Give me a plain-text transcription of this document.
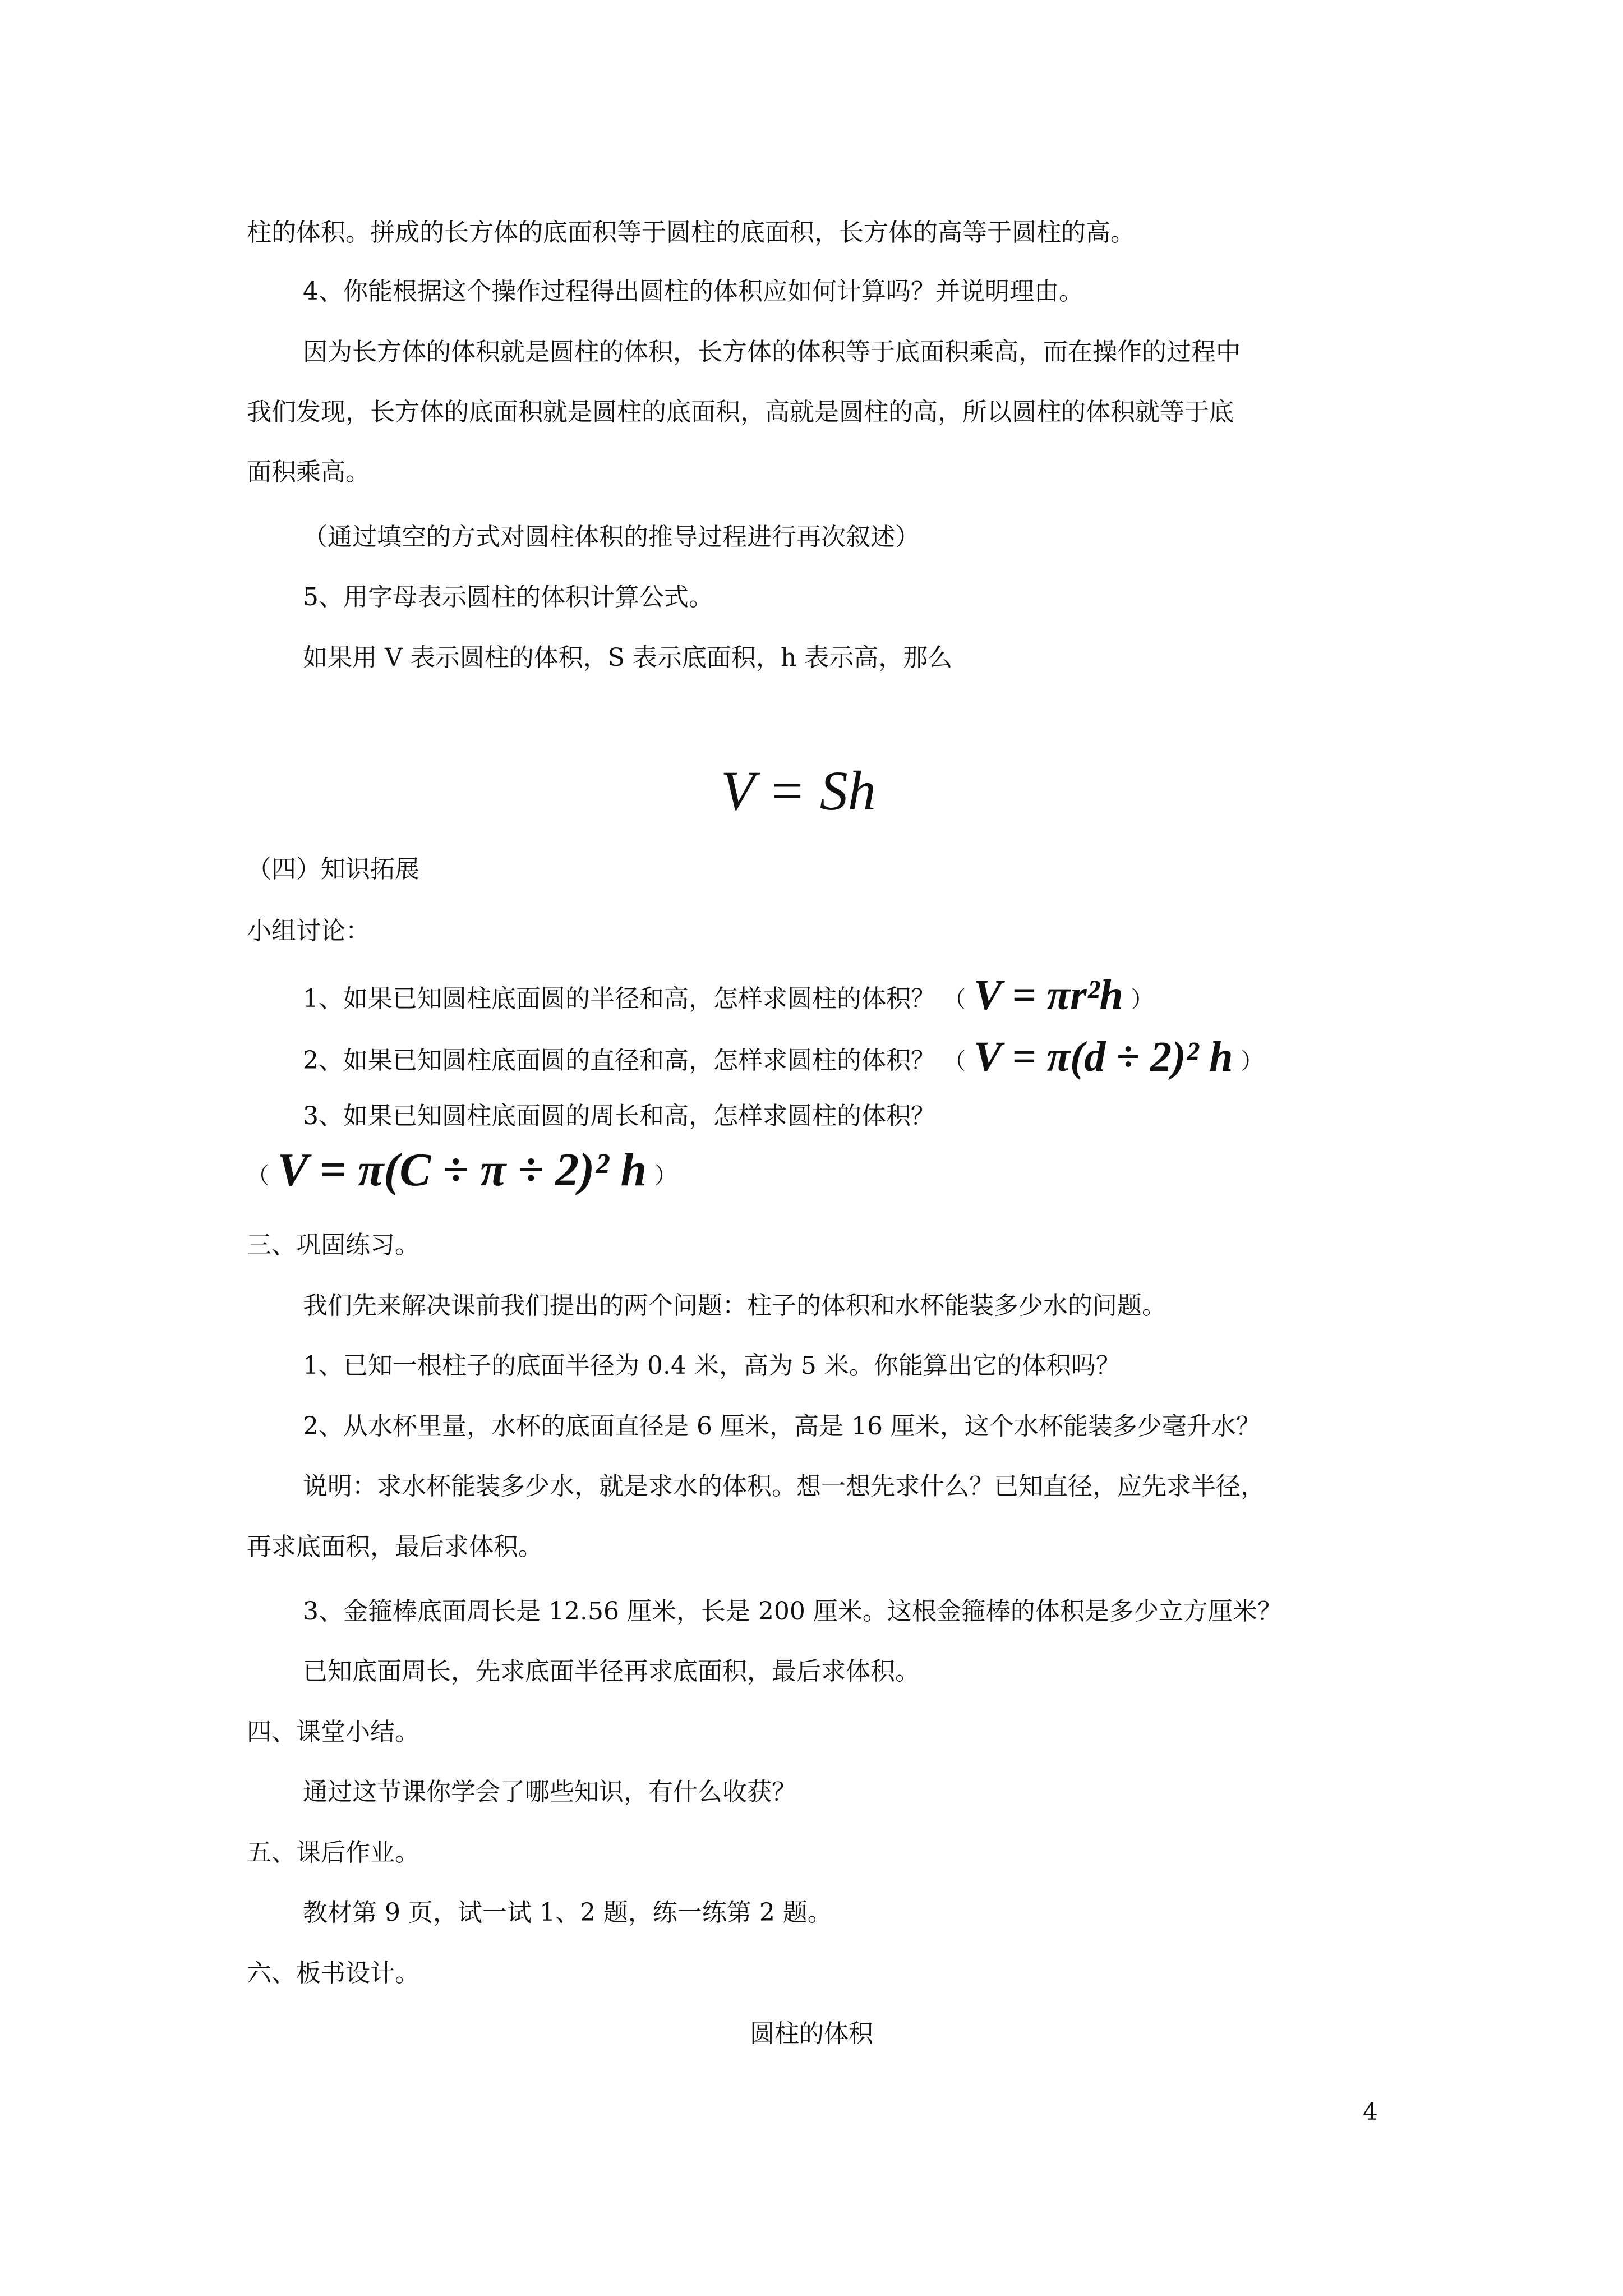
柱的体积。拼成的长方体的底面积等于圆柱的底面积，长方体的高等于圆柱的高。
4、你能根据这个操作过程得出圆柱的体积应如何计算吗？并说明理由。
因为长方体的体积就是圆柱的体积，长方体的体积等于底面积乘高，而在操作的过程中
我们发现，长方体的底面积就是圆柱的底面积，高就是圆柱的高，所以圆柱的体积就等于底
面积乘高。
（通过填空的方式对圆柱体积的推导过程进行再次叙述）
5、用字母表示圆柱的体积计算公式。
如果用 V 表示圆柱的体积，S 表示底面积，h 表示高，那么
V = Sh
（四）知识拓展
小组讨论：
1、如果已知圆柱底面圆的半径和高，怎样求圆柱的体积？ （ V = πr²h ）
2、如果已知圆柱底面圆的直径和高，怎样求圆柱的体积？ （ V = π(d ÷ 2)² h ）
3、如果已知圆柱底面圆的周长和高，怎样求圆柱的体积？
（ V = π(C ÷ π ÷ 2)² h ）
三、巩固练习。
我们先来解决课前我们提出的两个问题：柱子的体积和水杯能装多少水的问题。
1、已知一根柱子的底面半径为 0.4 米，高为 5 米。你能算出它的体积吗？
2、从水杯里量，水杯的底面直径是 6 厘米，高是 16 厘米，这个水杯能装多少毫升水？
说明：求水杯能装多少水，就是求水的体积。想一想先求什么？已知直径，应先求半径，
再求底面积，最后求体积。
3、金箍棒底面周长是 12.56 厘米，长是 200 厘米。这根金箍棒的体积是多少立方厘米？
已知底面周长，先求底面半径再求底面积，最后求体积。
四、课堂小结。
通过这节课你学会了哪些知识，有什么收获？
五、课后作业。
教材第 9 页，试一试 1、2 题，练一练第 2 题。
六、板书设计。
圆柱的体积
4
